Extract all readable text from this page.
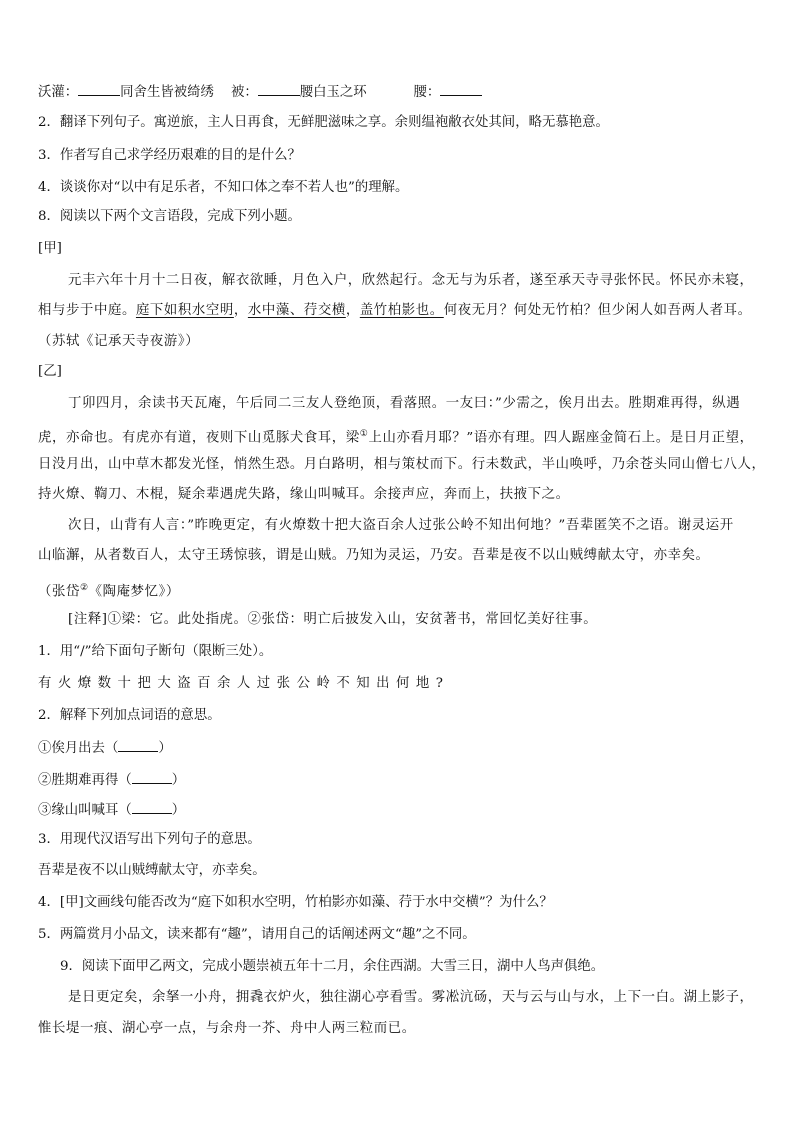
沃灌：	同舍生皆被绮绣 被：	腰白玉之环	腰：
2．翻译下列句子。寓逆旅，主人日再食，无鲜肥滋味之享。余则缊袍敝衣处其间，略无慕艳意。
3．作者写自己求学经历艰难的目的是什么？
4．谈谈你对“以中有足乐者，不知口体之奉不若人也”的理解。
8．阅读以下两个文言语段，完成下列小题。
[甲]
元丰六年十月十二日夜，解衣欲睡，月色入户，欣然起行。念无与为乐者，遂至承天寺寻张怀民。怀民亦未寝，
相与步于中庭。庭下如积水空明，水中藻、荇交横，盖竹柏影也。何夜无月？何处无竹柏？但少闲人如吾两人者耳。
（苏轼《记承天寺夜游》）
[乙]
丁卯四月，余读书天瓦庵，午后同二三友人登绝顶，看落照。一友曰：”少需之，俟月出去。胜期难再得，纵遇
虎，亦命也。有虎亦有道，夜则下山觅豚犬食耳，梁①上山亦看月耶？”语亦有理。四人踞座金简石上。是日月正望，
日没月出，山中草木都发光怪，悄然生恐。月白路明，相与策杖而下。行未数武，半山唤呼，乃余苍头同山僧七八人，
持火燎、鞫刀、木棍，疑余辈遇虎失路，缘山叫喊耳。余接声应，奔而上，扶掖下之。
次日，山背有人言：”昨晚更定，有火燎数十把大盗百余人过张公岭不知出何地？”吾辈匿笑不之语。谢灵运开
山临澥，从者数百人，太守王琇惊骇，谓是山贼。乃知为灵运，乃安。吾辈是夜不以山贼缚献太守，亦幸矣。
（张岱②《陶庵梦忆》）
[注释]①梁：它。此处指虎。②张岱：明亡后披发入山，安贫著书，常回忆美好往事。
1．用“/”给下面句子断句（限断三处）。
有火燎数十把大盗百余人过张公岭不知出何地?
2．解释下列加点词语的意思。
①俟月出去（	）
②胜期难再得（	）
③缘山叫喊耳（	）
3．用现代汉语写出下列句子的意思。
吾辈是夜不以山贼缚献太守，亦幸矣。
4．[甲]文画线句能否改为“庭下如积水空明，竹柏影亦如藻、荇于水中交横”？为什么？
5．两篇赏月小品文，读来都有“趣”，请用自己的话阐述两文“趣”之不同。
9．阅读下面甲乙两文，完成小题崇祯五年十二月，余住西湖。大雪三日，湖中人鸟声俱绝。
是日更定矣，余拏一小舟，拥毳衣炉火，独往湖心亭看雪。雾凇沆砀，天与云与山与水，上下一白。湖上影子，
惟长堤一痕、湖心亭一点，与余舟一芥、舟中人两三粒而已。
